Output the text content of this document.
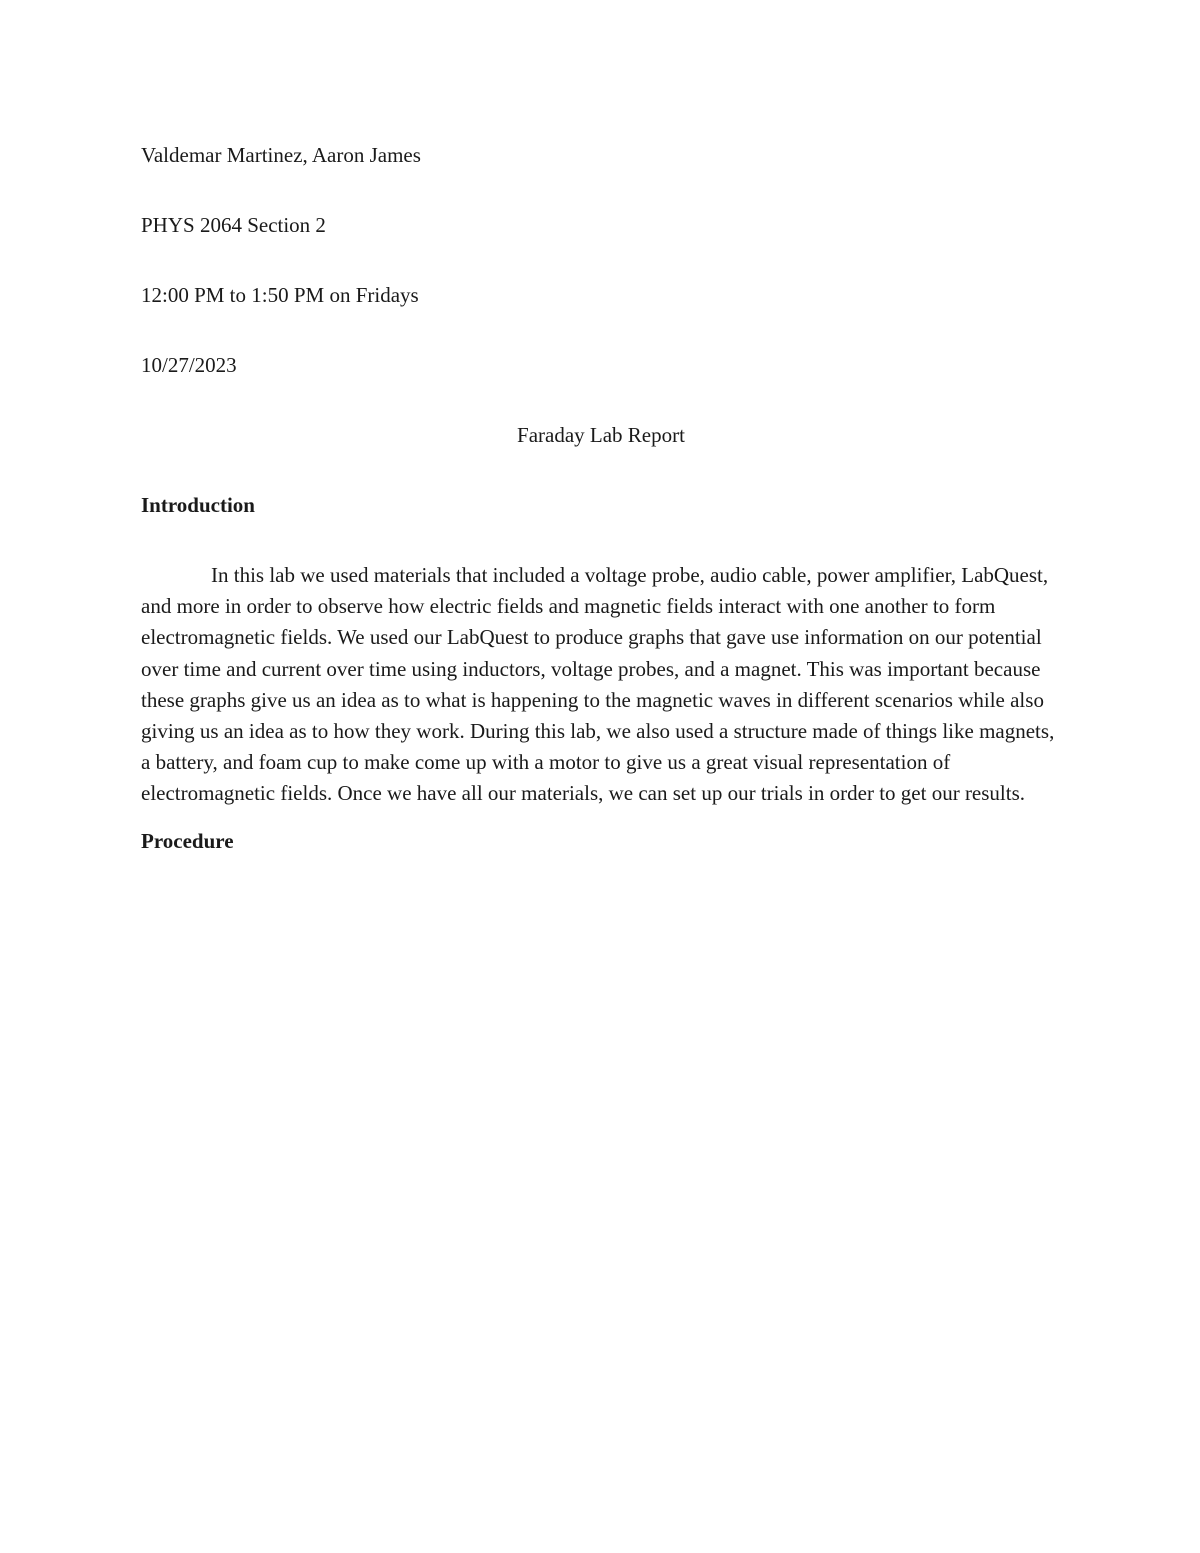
Valdemar Martinez, Aaron James

PHYS 2064 Section 2

12:00 PM to 1:50 PM on Fridays

10/27/2023

Faraday Lab Report

Introduction

In this lab we used materials that included a voltage probe, audio cable, power amplifier, LabQuest, and more in order to observe how electric fields and magnetic fields interact with one another to form electromagnetic fields. We used our LabQuest to produce graphs that gave use information on our potential over time and current over time using inductors, voltage probes, and a magnet. This was important because these graphs give us an idea as to what is happening to the magnetic waves in different scenarios while also giving us an idea as to how they work. During this lab, we also used a structure made of things like magnets, a battery, and foam cup to make come up with a motor to give us a great visual representation of electromagnetic fields. Once we have all our materials, we can set up our trials in order to get our results.

Procedure
